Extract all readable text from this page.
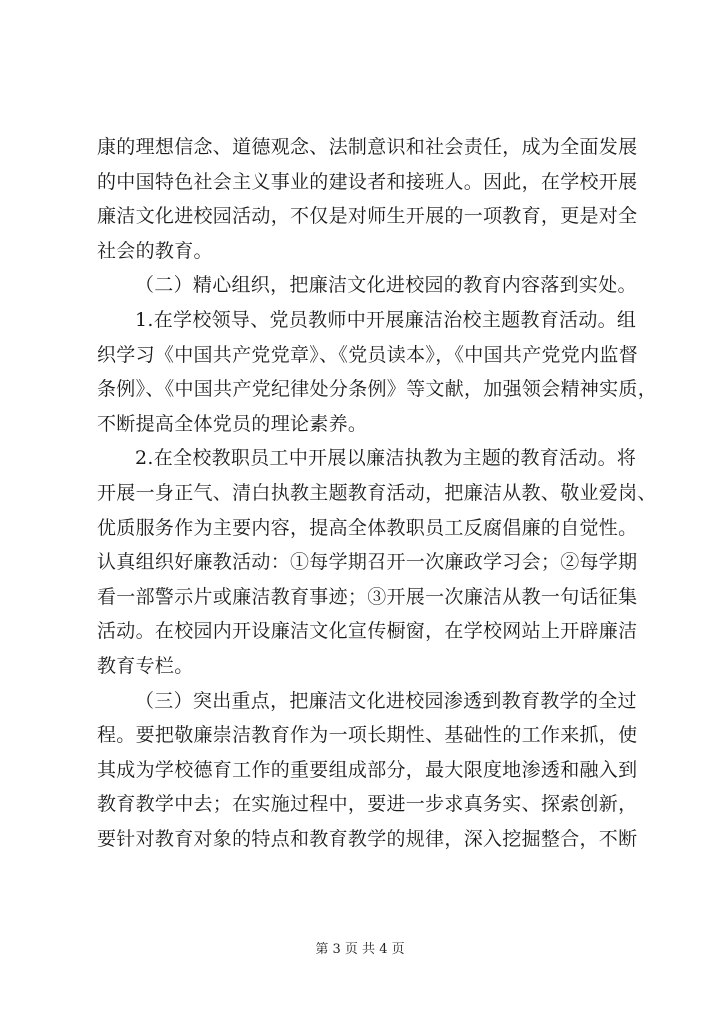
康的理想信念、道德观念、法制意识和社会责任，成为全面发展
的中国特色社会主义事业的建设者和接班人。因此，在学校开展
廉洁文化进校园活动，不仅是对师生开展的一项教育，更是对全
社会的教育。
（二）精心组织，把廉洁文化进校园的教育内容落到实处。
1.在学校领导、党员教师中开展廉洁治校主题教育活动。组
织学习《中国共产党党章》、《党员读本》，《中国共产党党内监督
条例》、《中国共产党纪律处分条例》等文献，加强领会精神实质，
不断提高全体党员的理论素养。
2.在全校教职员工中开展以廉洁执教为主题的教育活动。将
开展一身正气、清白执教主题教育活动，把廉洁从教、敬业爱岗、
优质服务作为主要内容，提高全体教职员工反腐倡廉的自觉性。
认真组织好廉教活动：①每学期召开一次廉政学习会；②每学期
看一部警示片或廉洁教育事迹；③开展一次廉洁从教一句话征集
活动。在校园内开设廉洁文化宣传橱窗，在学校网站上开辟廉洁
教育专栏。
（三）突出重点，把廉洁文化进校园渗透到教育教学的全过
程。要把敬廉崇洁教育作为一项长期性、基础性的工作来抓，使
其成为学校德育工作的重要组成部分，最大限度地渗透和融入到
教育教学中去；在实施过程中，要进一步求真务实、探索创新，
要针对教育对象的特点和教育教学的规律，深入挖掘整合，不断
第 3 页 共 4 页
